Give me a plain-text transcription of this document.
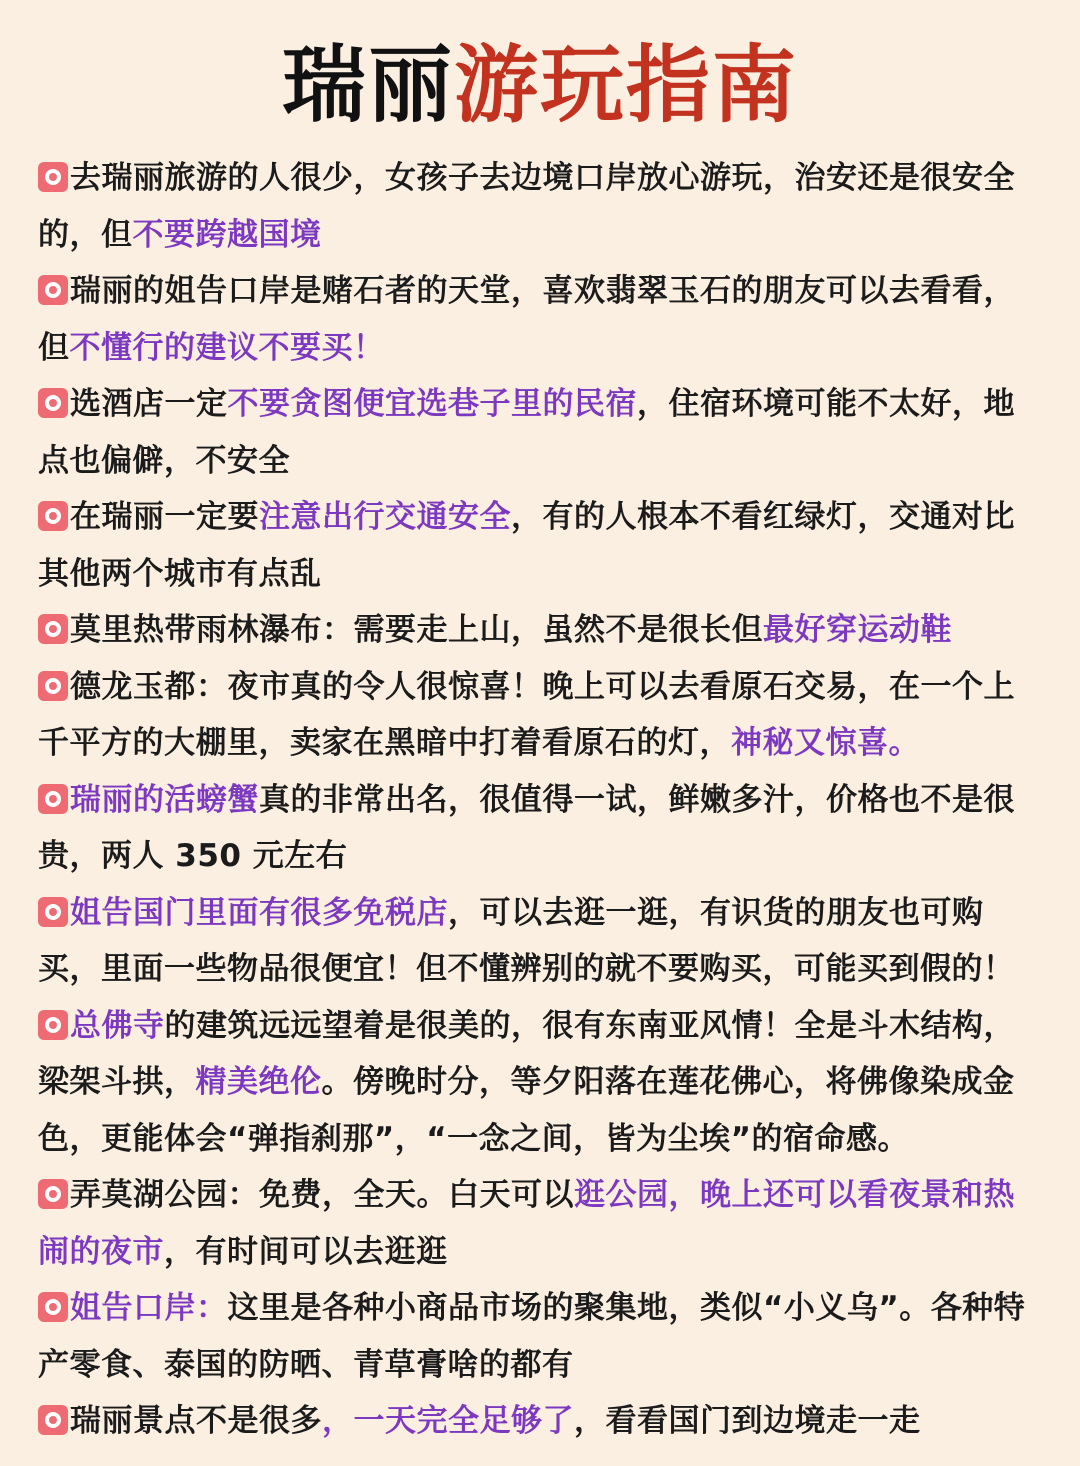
瑞丽 游玩指南
去瑞丽旅游的人很少，女孩子去边境口岸放心游玩，治安还是很安全的，但不要跨越国境
瑞丽的姐告口岸是赌石者的天堂，喜欢翡翠玉石的朋友可以去看看，但不懂行的建议不要买！
选酒店一定不要贪图便宜选巷子里的民宿，住宿环境可能不太好，地点也偏僻，不安全
在瑞丽一定要注意出行交通安全，有的人根本不看红绿灯，交通对比其他两个城市有点乱
莫里热带雨林瀑布：需要走上山，虽然不是很长但最好穿运动鞋
德龙玉都：夜市真的令人很惊喜！晚上可以去看原石交易，在一个上千平方的大棚里，卖家在黑暗中打着看原石的灯，神秘又惊喜。
瑞丽的活螃蟹真的非常出名，很值得一试，鲜嫩多汁，价格也不是很贵，两人 350 元左右
姐告国门里面有很多免税店，可以去逛一逛，有识货的朋友也可购买，里面一些物品很便宜！但不懂辨别的就不要购买，可能买到假的！
总佛寺的建筑远远望着是很美的，很有东南亚风情！全是斗木结构，梁架斗拱，精美绝伦。傍晚时分，等夕阳落在莲花佛心，将佛像染成金色，更能体会“弹指刹那”，“一念之间，皆为尘埃”的宿命感。
弄莫湖公园：免费，全天。白天可以逛公园，晚上还可以看夜景和热闹的夜市，有时间可以去逛逛
姐告口岸：这里是各种小商品市场的聚集地，类似“小义乌”。各种特产零食、泰国的防晒、青草膏啥的都有
瑞丽景点不是很多，一天完全足够了，看看国门到边境走一走
